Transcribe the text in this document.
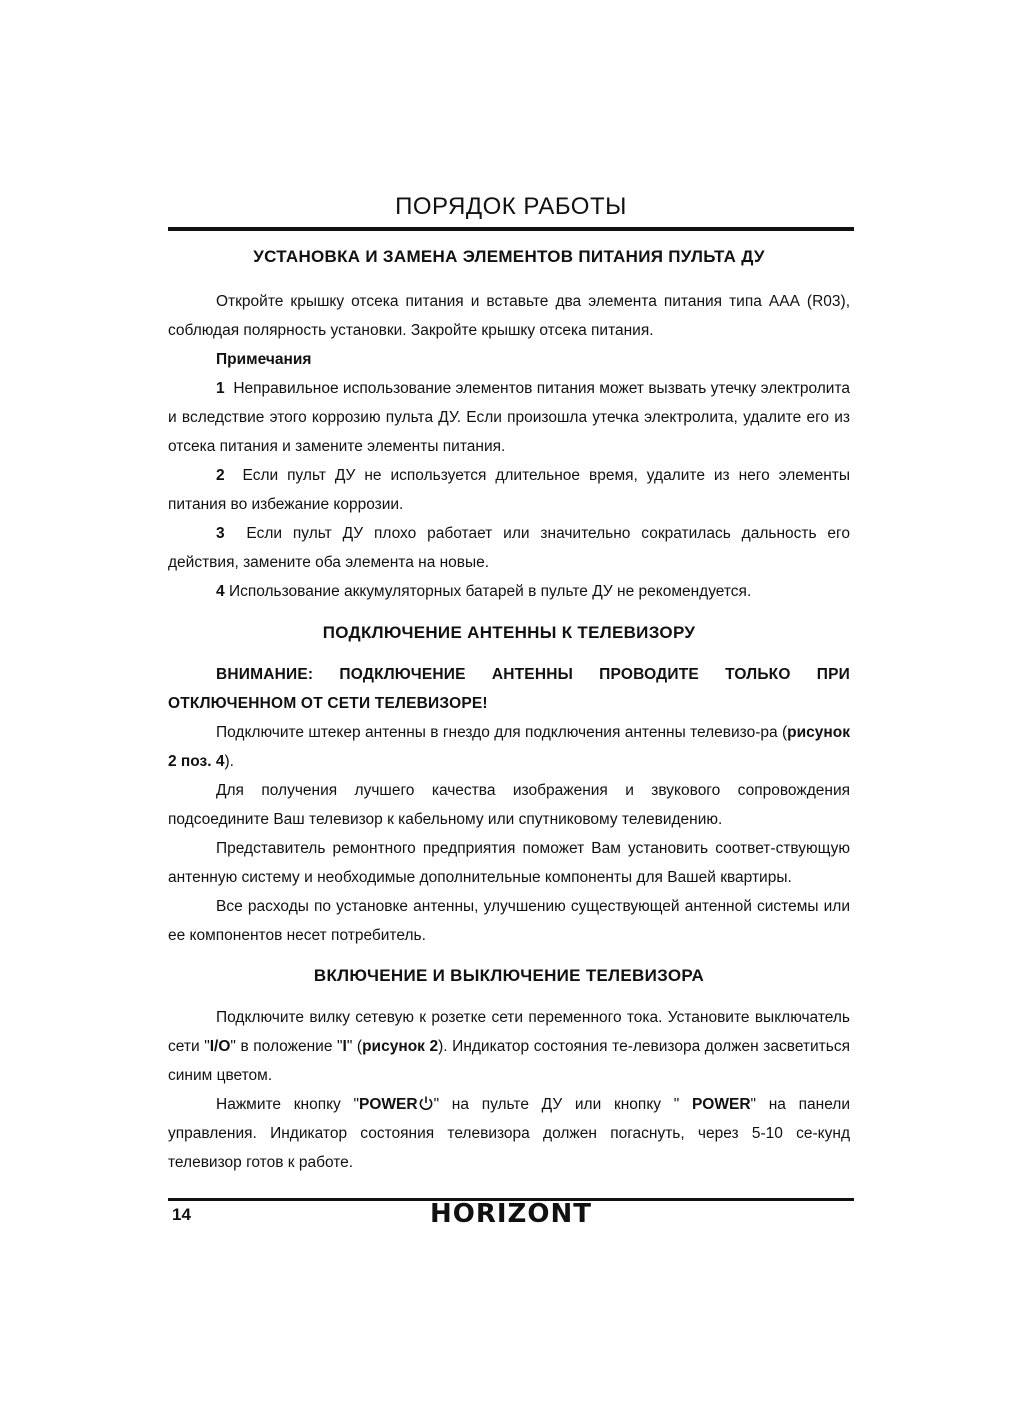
ПОРЯДОК РАБОТЫ
УСТАНОВКА И ЗАМЕНА ЭЛЕМЕНТОВ ПИТАНИЯ ПУЛЬТА ДУ

Откройте крышку отсека питания и вставьте два элемента питания типа ААА (R03), соблюдая полярность установки. Закройте крышку отсека питания.

Примечания

1 Неправильное использование элементов питания может вызвать утечку электролита и вследствие этого коррозию пульта ДУ. Если произошла утечка электролита, удалите его из отсека питания и замените элементы питания.

2 Если пульт ДУ не используется длительное время, удалите из него элементы питания во избежание коррозии.

3 Если пульт ДУ плохо работает или значительно сократилась дальность его действия, замените оба элемента на новые.

4 Использование аккумуляторных батарей в пульте ДУ не рекомендуется.

ПОДКЛЮЧЕНИЕ АНТЕННЫ К ТЕЛЕВИЗОРУ

ВНИМАНИЕ: ПОДКЛЮЧЕНИЕ АНТЕННЫ ПРОВОДИТЕ ТОЛЬКО ПРИ ОТКЛЮЧЕННОМ ОТ СЕТИ ТЕЛЕВИЗОРЕ!

Подключите штекер антенны в гнездо для подключения антенны телевизо-ра (рисунок 2 поз. 4).

Для получения лучшего качества изображения и звукового сопровождения подсоедините Ваш телевизор к кабельному или спутниковому телевидению.

Представитель ремонтного предприятия поможет Вам установить соответ-ствующую антенную систему и необходимые дополнительные компоненты для Вашей квартиры.

Все расходы по установке антенны, улучшению существующей антенной системы или ее компонентов несет потребитель.

ВКЛЮЧЕНИЕ И ВЫКЛЮЧЕНИЕ ТЕЛЕВИЗОРА

Подключите вилку сетевую к розетке сети переменного тока. Установите выключатель сети "I/O" в положение "I" (рисунок 2). Индикатор состояния те-левизора должен засветиться синим цветом.

Нажмите кнопку "POWER " на пульте ДУ или кнопку " POWER" на панели управления. Индикатор состояния телевизора должен погаснуть, через 5-10 се-кунд телевизор готов к работе.

14	HORIZONT
